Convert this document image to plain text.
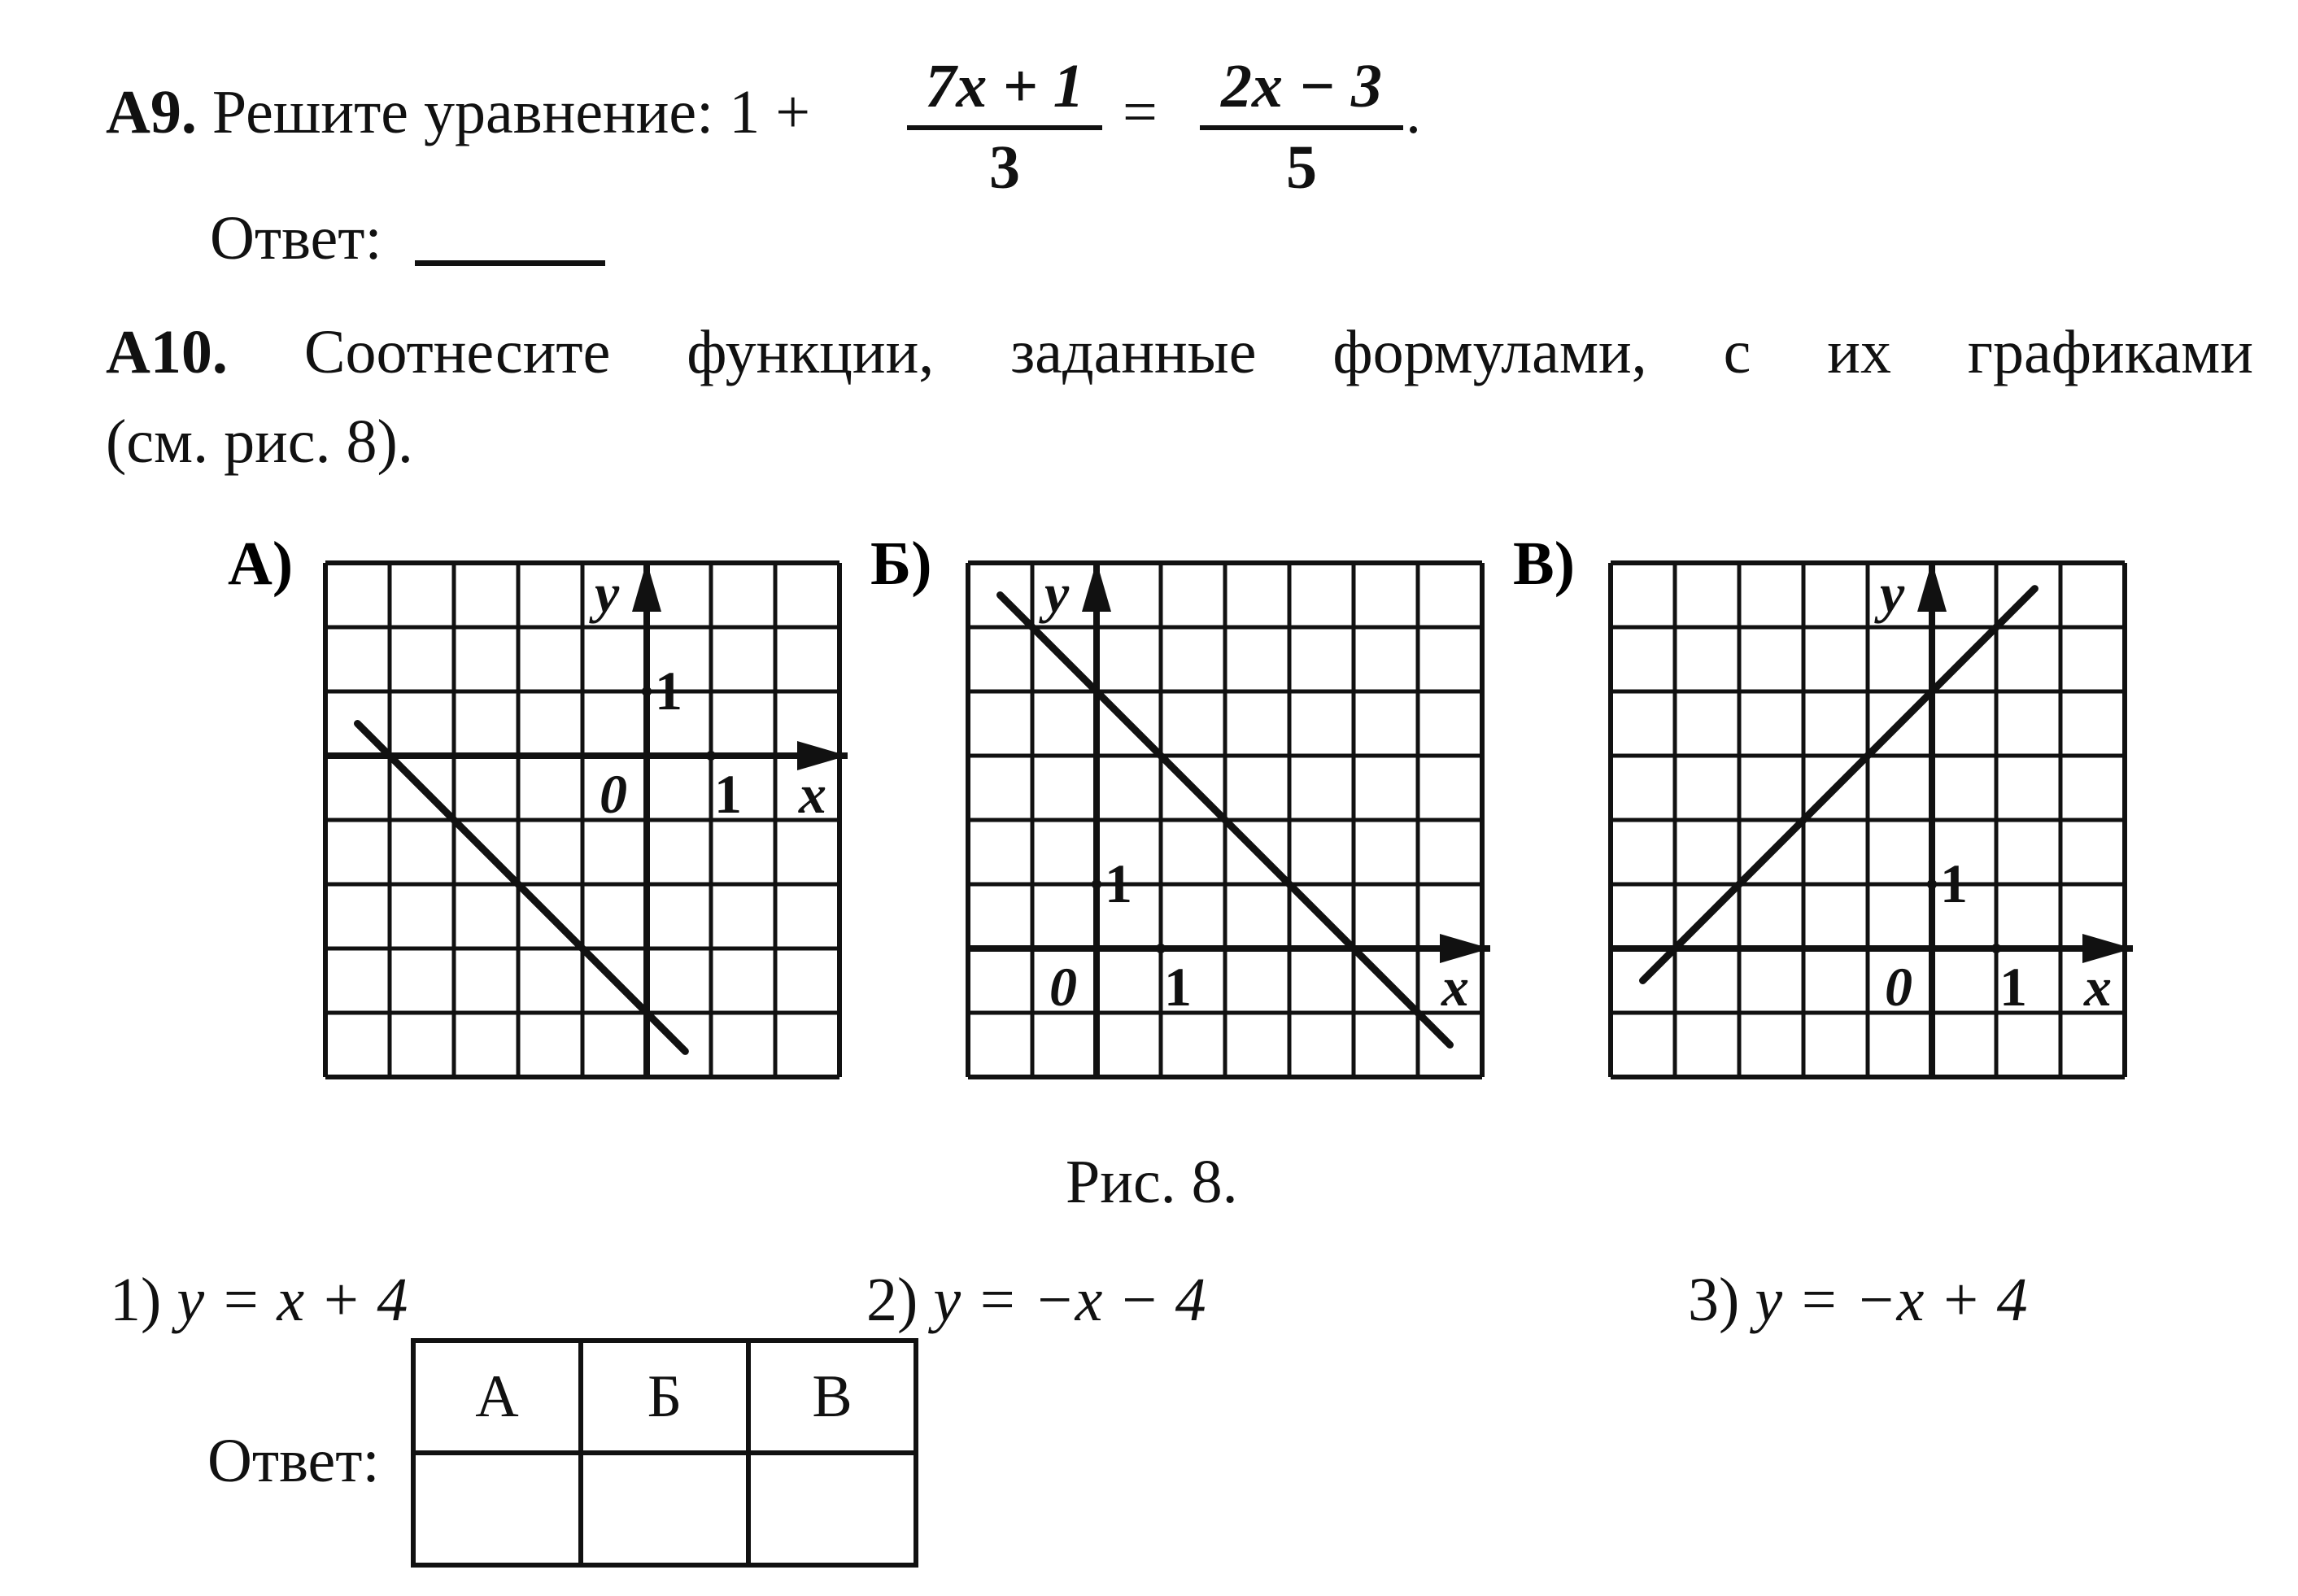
A9. Решите уравнение: 1 + 7x + 1
3
=	2x − 3
5
.
Ответ:
A10. Соотнесите функции, заданные формулами, с их графиками
(см. рис. 8).
А)	y
x
1
1
0
Б) y
x
1
1
0
В)	y
x
1
1
0
Рис. 8.
1) y = x + 4	2) y = −x − 4	3) y = −x + 4
Ответ:
А	Б	В
